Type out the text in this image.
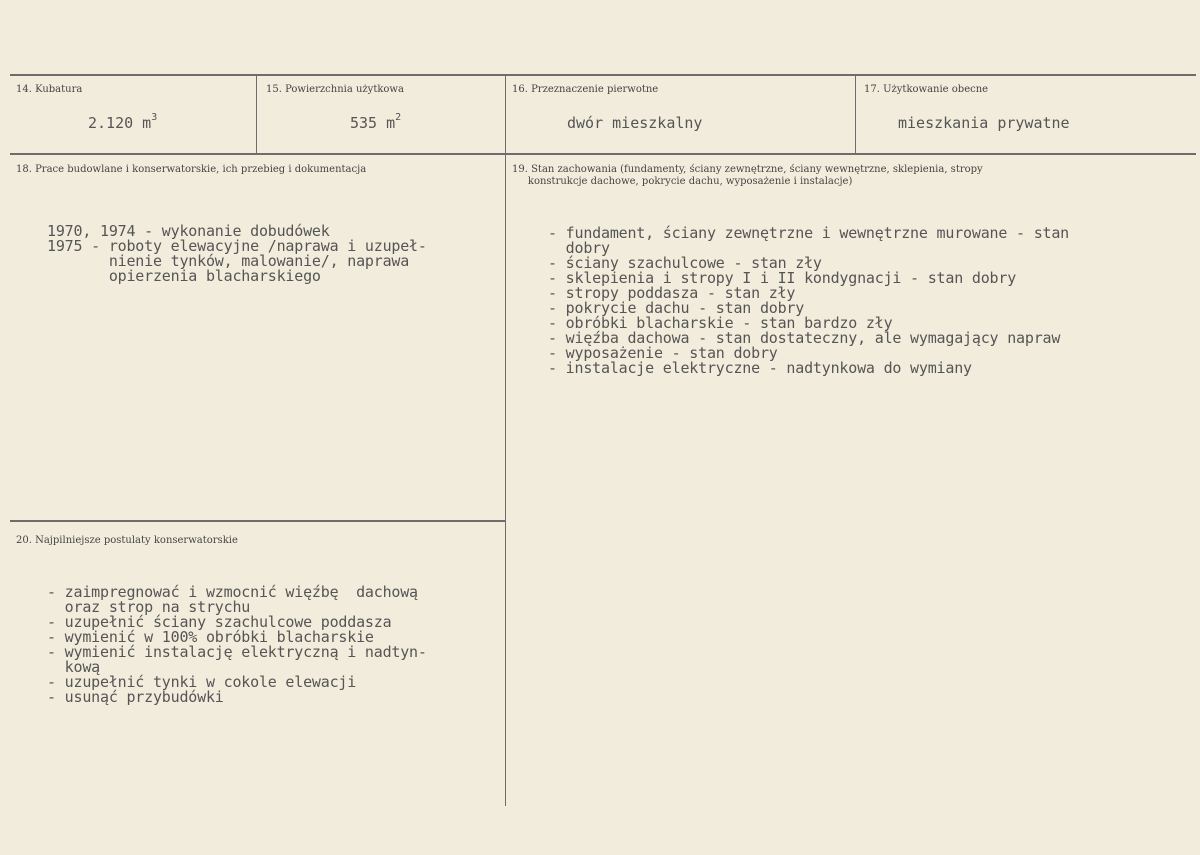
14. Kubatura	15. Powierzchnia użytkowa	16. Przeznaczenie pierwotne	17. Użytkowanie obecne
2.120 $m^3$	535 $m^2$	dwór mieszkalny	mieszkania prywatne
18. Prace budowlane i konserwatorskie, ich przebieg i dokumentacja
1970, 1974 - wykonanie dobudówek
1975 - roboty elewacyjne /naprawa i uzupeł-
nienie tynków, malowanie/, naprawa
opierzenia blacharskiego
19. Stan zachowania (fundamenty, ściany zewnętrzne, ściany wewnętrzne, sklepienia, stropy
konstrukcje dachowe, pokrycie dachu, wyposażenie i instalacje)
- fundament, ściany zewnętrzne i wewnętrzne murowane - stan
dobry
- ściany szachulcowe - stan zły
- sklepienia i stropy I i II kondygnacji - stan dobry
- stropy poddasza - stan zły
- pokrycie dachu - stan dobry
- obróbki blacharskie - stan bardzo zły
- więźba dachowa - stan dostateczny, ale wymagający napraw
- wyposażenie - stan dobry
- instalacje elektryczne - nadtynkowa do wymiany
20. Najpilniejsze postulaty konserwatorskie
- zaimpregnować i wzmocnić więźbę  dachową
oraz strop na strychu
- uzupełnić ściany szachulcowe poddasza
- wymienić w 100% obróbki blacharskie
- wymienić instalację elektryczną i nadtyn-
kową
- uzupełnić tynki w cokole elewacji
- usunąć przybudówki
